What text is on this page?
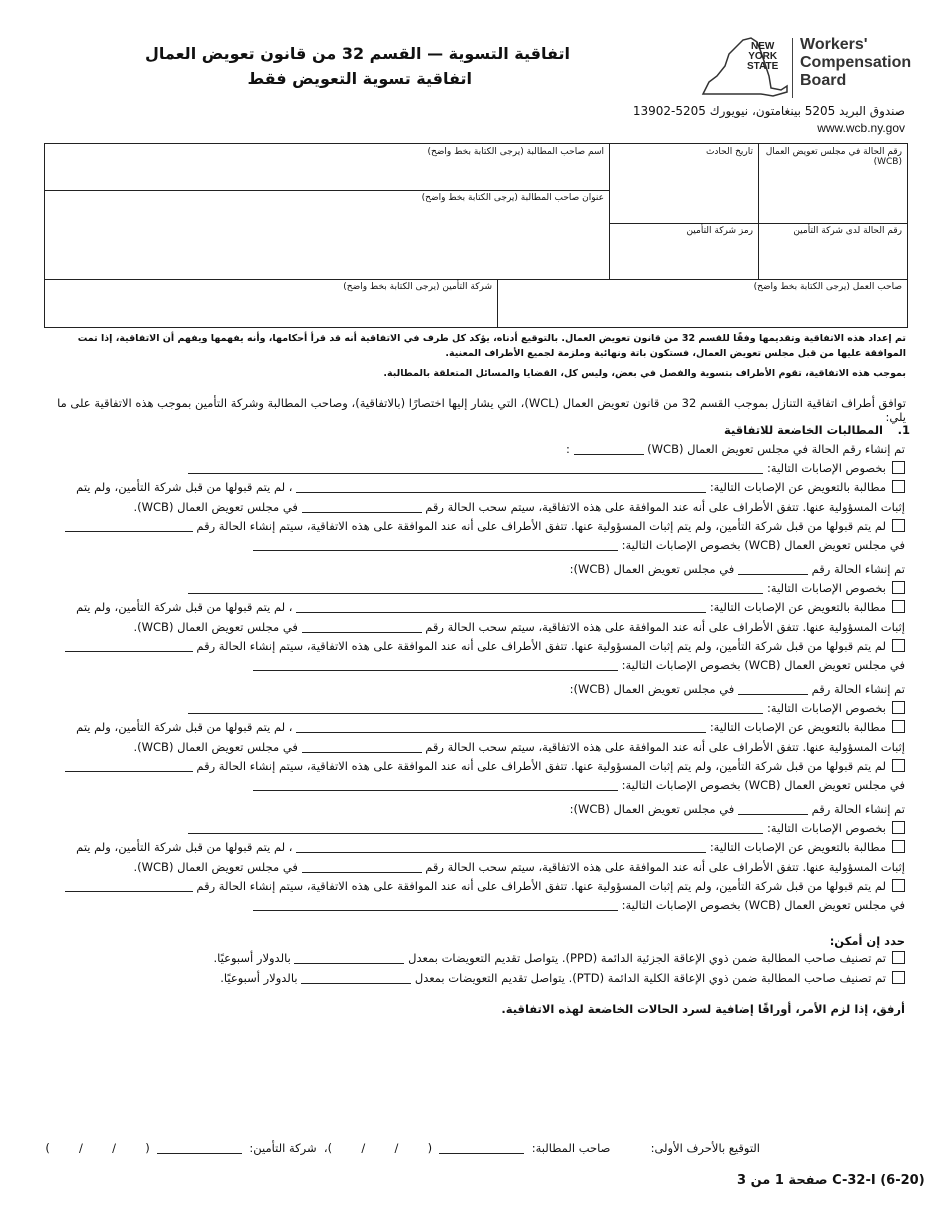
NEW
YORK
STATE
Workers'
Compensation
Board
اتفاقية التسوية — القسم 32 من قانون تعويض العمال
اتفاقية تسوية التعويض فقط
صندوق البريد 5205 بينغامتون، نيويورك 5205-13902
www.wcb.ny.gov
رقم الحالة في مجلس تعويض العمال (WCB)
تاريخ الحادث
اسم صاحب المطالبة (يرجى الكتابة بخط واضح)
عنوان صاحب المطالبة (يرجى الكتابة بخط واضح)
رقم الحالة لدى شركة التأمين
رمز شركة التأمين
صاحب العمل (يرجى الكتابة بخط واضح)
شركة التأمين (يرجى الكتابة بخط واضح)
تم إعداد هذه الاتفاقية وتقديمها وفقًا للقسم 32 من قانون تعويض العمال. بالتوقيع أدناه، يؤكد كل طرف في الاتفاقية أنه قد قرأ أحكامها، وأنه يفهمها ويفهم أن الاتفاقية، إذا تمت الموافقة عليها من قبل مجلس تعويض العمال، فستكون باتة ونهائية وملزمة لجميع الأطراف المعنية.
بموجب هذه الاتفاقية، تقوم الأطراف بتسوية والفصل في بعض، وليس كل، القضايا والمسائل المتعلقة بالمطالبة.
توافق أطراف اتفاقية التنازل بموجب القسم 32 من قانون تعويض العمال (WCL)، التي يشار إليها اختصارًا (بالاتفاقية)، وصاحب المطالبة وشركة التأمين بموجب هذه الاتفاقية على ما يلي:
1.    المطالبات الخاضعة للاتفاقية
تم إنشاء رقم الحالة في مجلس تعويض العمال (WCB)  :
بخصوص الإصابات التالية:
مطالبة بالتعويض عن الإصابات التالية:  ، لم يتم قبولها من قبل شركة التأمين، ولم يتم
إثبات المسؤولية عنها. تتفق الأطراف على أنه عند الموافقة على هذه الاتفاقية، سيتم سحب الحالة رقم  في مجلس تعويض العمال (WCB).
لم يتم قبولها من قبل شركة التأمين، ولم يتم إثبات المسؤولية عنها. تتفق الأطراف على أنه عند الموافقة على هذه الاتفاقية، سيتم إنشاء الحالة رقم
في مجلس تعويض العمال (WCB) بخصوص الإصابات التالية:
تم إنشاء الحالة رقم  في مجلس تعويض العمال (WCB):
بخصوص الإصابات التالية:
مطالبة بالتعويض عن الإصابات التالية:  ، لم يتم قبولها من قبل شركة التأمين، ولم يتم
إثبات المسؤولية عنها. تتفق الأطراف على أنه عند الموافقة على هذه الاتفاقية، سيتم سحب الحالة رقم  في مجلس تعويض العمال (WCB).
لم يتم قبولها من قبل شركة التأمين، ولم يتم إثبات المسؤولية عنها. تتفق الأطراف على أنه عند الموافقة على هذه الاتفاقية، سيتم إنشاء الحالة رقم
في مجلس تعويض العمال (WCB) بخصوص الإصابات التالية:
تم إنشاء الحالة رقم  في مجلس تعويض العمال (WCB):
بخصوص الإصابات التالية:
مطالبة بالتعويض عن الإصابات التالية:  ، لم يتم قبولها من قبل شركة التأمين، ولم يتم
إثبات المسؤولية عنها. تتفق الأطراف على أنه عند الموافقة على هذه الاتفاقية، سيتم سحب الحالة رقم  في مجلس تعويض العمال (WCB).
لم يتم قبولها من قبل شركة التأمين، ولم يتم إثبات المسؤولية عنها. تتفق الأطراف على أنه عند الموافقة على هذه الاتفاقية، سيتم إنشاء الحالة رقم
في مجلس تعويض العمال (WCB) بخصوص الإصابات التالية:
تم إنشاء الحالة رقم  في مجلس تعويض العمال (WCB):
بخصوص الإصابات التالية:
مطالبة بالتعويض عن الإصابات التالية:  ، لم يتم قبولها من قبل شركة التأمين، ولم يتم
إثبات المسؤولية عنها. تتفق الأطراف على أنه عند الموافقة على هذه الاتفاقية، سيتم سحب الحالة رقم  في مجلس تعويض العمال (WCB).
لم يتم قبولها من قبل شركة التأمين، ولم يتم إثبات المسؤولية عنها. تتفق الأطراف على أنه عند الموافقة على هذه الاتفاقية، سيتم إنشاء الحالة رقم
في مجلس تعويض العمال (WCB) بخصوص الإصابات التالية:
حدد إن أمكن:
تم تصنيف صاحب المطالبة ضمن ذوي الإعاقة الجزئية الدائمة (PPD). يتواصل تقديم التعويضات بمعدل  بالدولار أسبوعيًا.
تم تصنيف صاحب المطالبة ضمن ذوي الإعاقة الكلية الدائمة (PTD). يتواصل تقديم التعويضات بمعدل  بالدولار أسبوعيًا.
أرفق، إذا لزم الأمر، أوراقًا إضافية لسرد الحالات الخاضعة لهذه الاتفاقية.
التوقيع بالأحرف الأولى:           صاحب المطالبة:    (        /        /        )،  شركة التأمين:    (        /        /        )
C-32-I (6-20) صفحة 1 من 3
